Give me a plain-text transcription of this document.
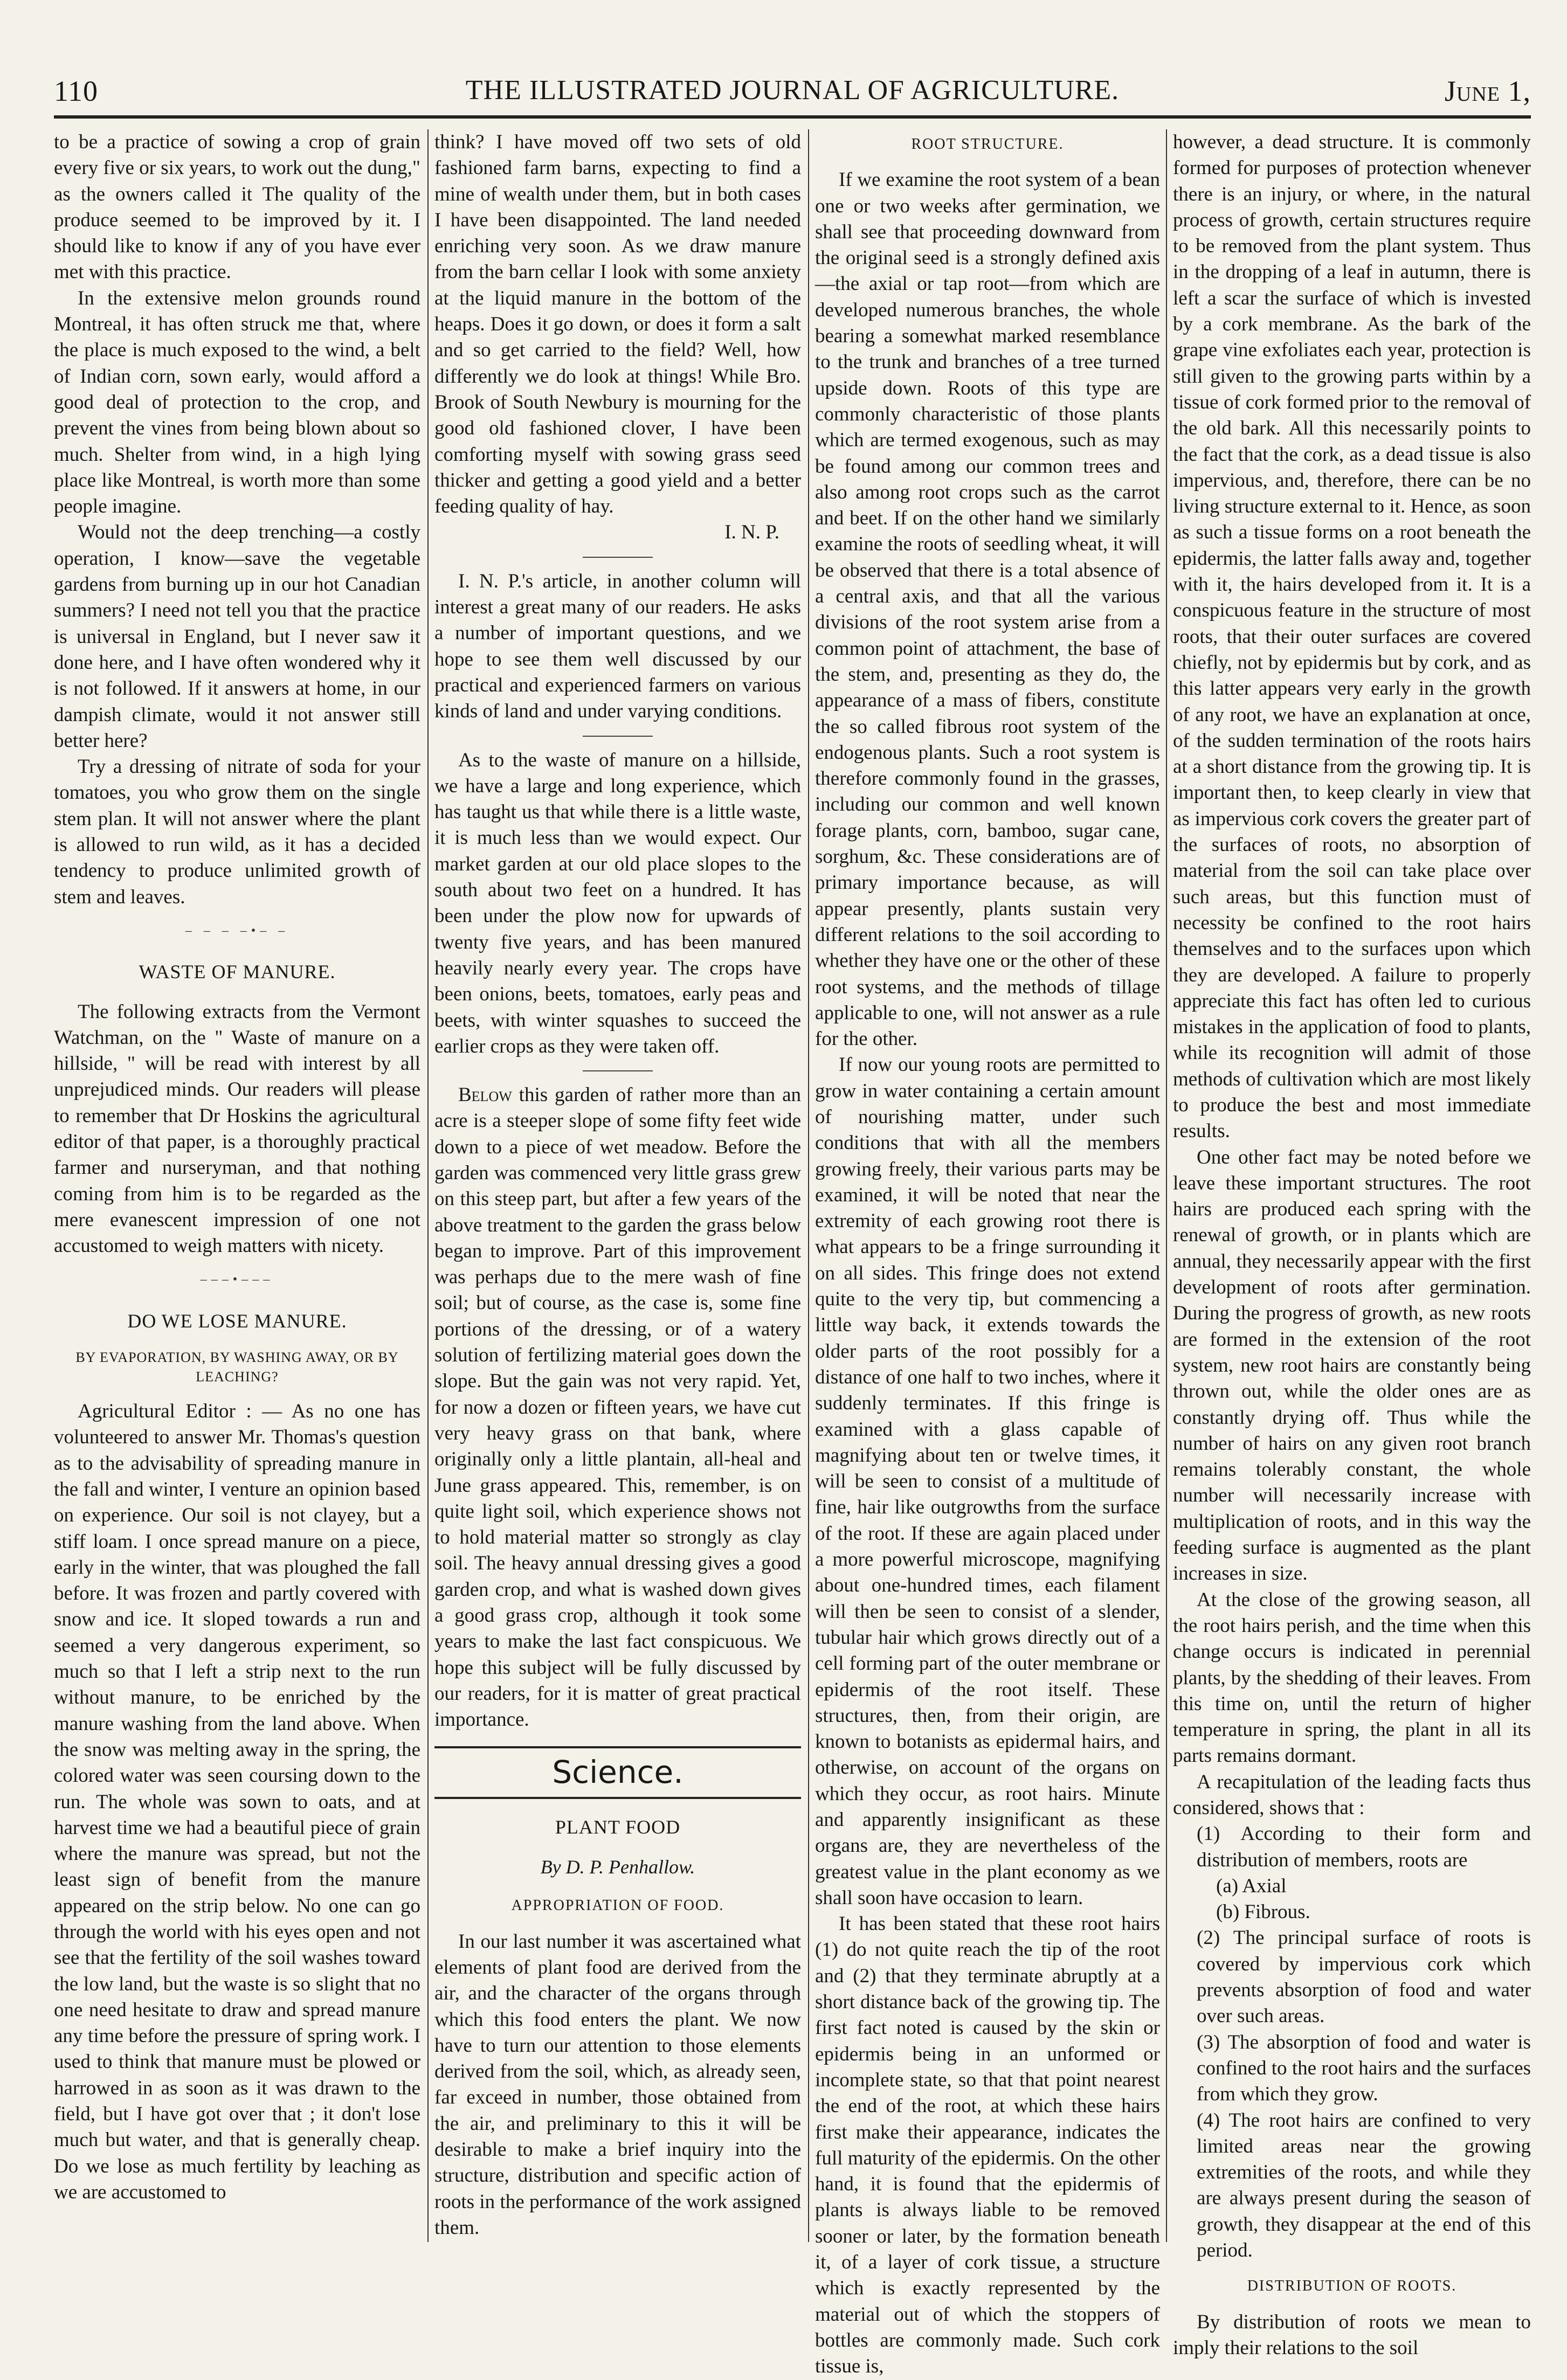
110	THE ILLUSTRATED JOURNAL OF AGRICULTURE.	June 1,

to be a practice of sowing a crop of grain every five or six years, to work out the dung," as the owners called it The quality of the produce seemed to be improved by it. I should like to know if any of you have ever met with this practice.

In the extensive melon grounds round Montreal, it has often struck me that, where the place is much exposed to the wind, a belt of Indian corn, sown early, would afford a good deal of protection to the crop, and prevent the vines from being blown about so much. Shelter from wind, in a high lying place like Montreal, is worth more than some people imagine.

Would not the deep trenching—a costly operation, I know—save the vegetable gardens from burning up in our hot Canadian summers? I need not tell you that the practice is universal in England, but I never saw it done here, and I have often wondered why it is not followed. If it answers at home, in our dampish climate, would it not answer still better here?

Try a dressing of nitrate of soda for your tomatoes, you who grow them on the single stem plan. It will not answer where the plant is allowed to run wild, as it has a decided tendency to produce unlimited growth of stem and leaves.

– – – –•– –
WASTE OF MANURE.

The following extracts from the Vermont Watchman, on the " Waste of manure on a hillside, " will be read with interest by all unprejudiced minds. Our readers will please to remember that Dr Hoskins the agricultural editor of that paper, is a thoroughly practical farmer and nurseryman, and that nothing coming from him is to be regarded as the mere evanescent impression of one not accustomed to weigh matters with nicety.

–––•–––
DO WE LOSE MANURE.
BY EVAPORATION, BY WASHING AWAY, OR BY LEACHING?

Agricultural Editor : — As no one has volunteered to answer Mr. Thomas's question as to the advisability of spreading manure in the fall and winter, I venture an opinion based on experience. Our soil is not clayey, but a stiff loam. I once spread manure on a piece, early in the winter, that was ploughed the fall before. It was frozen and partly covered with snow and ice. It sloped towards a run and seemed a very dangerous experiment, so much so that I left a strip next to the run without manure, to be enriched by the manure washing from the land above. When the snow was melting away in the spring, the colored water was seen coursing down to the run. The whole was sown to oats, and at harvest time we had a beautiful piece of grain where the manure was spread, but not the least sign of benefit from the manure appeared on the strip below. No one can go through the world with his eyes open and not see that the fertility of the soil washes toward the low land, but the waste is so slight that no one need hesitate to draw and spread manure any time before the pressure of spring work. I used to think that manure must be plowed or harrowed in as soon as it was drawn to the field, but I have got over that ; it don't lose much but water, and that is generally cheap. Do we lose as much fertility by leaching as we are accustomed to

think? I have moved off two sets of old fashioned farm barns, expecting to find a mine of wealth under them, but in both cases I have been disappointed. The land needed enriching very soon. As we draw manure from the barn cellar I look with some anxiety at the liquid manure in the bottom of the heaps. Does it go down, or does it form a salt and so get carried to the field? Well, how differently we do look at things! While Bro. Brook of South Newbury is mourning for the good old fashioned clover, I have been comforting myself with sowing grass seed thicker and getting a good yield and a better feeding quality of hay.

I. N. P.

I. N. P.'s article, in another column will interest a great many of our readers. He asks a number of important questions, and we hope to see them well discussed by our practical and experienced farmers on various kinds of land and under varying conditions.

As to the waste of manure on a hillside, we have a large and long experience, which has taught us that while there is a little waste, it is much less than we would expect. Our market garden at our old place slopes to the south about two feet on a hundred. It has been under the plow now for upwards of twenty five years, and has been manured heavily nearly every year. The crops have been onions, beets, tomatoes, early peas and beets, with winter squashes to succeed the earlier crops as they were taken off.

Below this garden of rather more than an acre is a steeper slope of some fifty feet wide down to a piece of wet meadow. Before the garden was commenced very little grass grew on this steep part, but after a few years of the above treatment to the garden the grass below began to improve. Part of this improvement was perhaps due to the mere wash of fine soil; but of course, as the case is, some fine portions of the dressing, or of a watery solution of fertilizing material goes down the slope. But the gain was not very rapid. Yet, for now a dozen or fifteen years, we have cut very heavy grass on that bank, where originally only a little plantain, all-heal and June grass appeared. This, remember, is on quite light soil, which experience shows not to hold material matter so strongly as clay soil. The heavy annual dressing gives a good garden crop, and what is washed down gives a good grass crop, although it took some years to make the last fact conspicuous. We hope this subject will be fully discussed by our readers, for it is matter of great practical importance.

Science.
PLANT FOOD
By D. P. Penhallow.
APPROPRIATION OF FOOD.

In our last number it was ascertained what elements of plant food are derived from the air, and the character of the organs through which this food enters the plant. We now have to turn our attention to those elements derived from the soil, which, as already seen, far exceed in number, those obtained from the air, and preliminary to this it will be desirable to make a brief inquiry into the structure, distribution and specific action of roots in the performance of the work assigned them.

ROOT STRUCTURE.

If we examine the root system of a bean one or two weeks after germination, we shall see that proceeding downward from the original seed is a strongly defined axis—the axial or tap root—from which are developed numerous branches, the whole bearing a somewhat marked resemblance to the trunk and branches of a tree turned upside down. Roots of this type are commonly characteristic of those plants which are termed exogenous, such as may be found among our common trees and also among root crops such as the carrot and beet. If on the other hand we similarly examine the roots of seedling wheat, it will be observed that there is a total absence of a central axis, and that all the various divisions of the root system arise from a common point of attachment, the base of the stem, and, presenting as they do, the appearance of a mass of fibers, constitute the so called fibrous root system of the endogenous plants. Such a root system is therefore commonly found in the grasses, including our common and well known forage plants, corn, bamboo, sugar cane, sorghum, &c. These considerations are of primary importance because, as will appear presently, plants sustain very different relations to the soil according to whether they have one or the other of these root systems, and the methods of tillage applicable to one, will not answer as a rule for the other.

If now our young roots are permitted to grow in water containing a certain amount of nourishing matter, under such conditions that with all the members growing freely, their various parts may be examined, it will be noted that near the extremity of each growing root there is what appears to be a fringe surrounding it on all sides. This fringe does not extend quite to the very tip, but commencing a little way back, it extends towards the older parts of the root possibly for a distance of one half to two inches, where it suddenly terminates. If this fringe is examined with a glass capable of magnifying about ten or twelve times, it will be seen to consist of a multitude of fine, hair like outgrowths from the surface of the root. If these are again placed under a more powerful microscope, magnifying about one-hundred times, each filament will then be seen to consist of a slender, tubular hair which grows directly out of a cell forming part of the outer membrane or epidermis of the root itself. These structures, then, from their origin, are known to botanists as epidermal hairs, and otherwise, on account of the organs on which they occur, as root hairs. Minute and apparently insignificant as these organs are, they are nevertheless of the greatest value in the plant economy as we shall soon have occasion to learn.

It has been stated that these root hairs (1) do not quite reach the tip of the root and (2) that they terminate abruptly at a short distance back of the growing tip. The first fact noted is caused by the skin or epidermis being in an unformed or incomplete state, so that that point nearest the end of the root, at which these hairs first make their appearance, indicates the full maturity of the epidermis. On the other hand, it is found that the epidermis of plants is always liable to be removed sooner or later, by the formation beneath it, of a layer of cork tissue, a structure which is exactly represented by the material out of which the stoppers of bottles are commonly made. Such cork tissue is,

however, a dead structure. It is commonly formed for purposes of protection whenever there is an injury, or where, in the natural process of growth, certain structures require to be removed from the plant system. Thus in the dropping of a leaf in autumn, there is left a scar the surface of which is invested by a cork membrane. As the bark of the grape vine exfoliates each year, protection is still given to the growing parts within by a tissue of cork formed prior to the removal of the old bark. All this necessarily points to the fact that the cork, as a dead tissue is also impervious, and, therefore, there can be no living structure external to it. Hence, as soon as such a tissue forms on a root beneath the epidermis, the latter falls away and, together with it, the hairs developed from it. It is a conspicuous feature in the structure of most roots, that their outer surfaces are covered chiefly, not by epidermis but by cork, and as this latter appears very early in the growth of any root, we have an explanation at once, of the sudden termination of the roots hairs at a short distance from the growing tip. It is important then, to keep clearly in view that as impervious cork covers the greater part of the surfaces of roots, no absorption of material from the soil can take place over such areas, but this function must of necessity be confined to the root hairs themselves and to the surfaces upon which they are developed. A failure to properly appreciate this fact has often led to curious mistakes in the application of food to plants, while its recognition will admit of those methods of cultivation which are most likely to produce the best and most immediate results.

One other fact may be noted before we leave these important structures. The root hairs are produced each spring with the renewal of growth, or in plants which are annual, they necessarily appear with the first development of roots after germination. During the progress of growth, as new roots are formed in the extension of the root system, new root hairs are constantly being thrown out, while the older ones are as constantly drying off. Thus while the number of hairs on any given root branch remains tolerably constant, the whole number will necessarily increase with multiplication of roots, and in this way the feeding surface is augmented as the plant increases in size.

At the close of the growing season, all the root hairs perish, and the time when this change occurs is indicated in perennial plants, by the shedding of their leaves. From this time on, until the return of higher temperature in spring, the plant in all its parts remains dormant.

A recapitulation of the leading facts thus considered, shows that :

(1) According to their form and distribution of members, roots are

(a) Axial

(b) Fibrous.

(2) The principal surface of roots is covered by impervious cork which prevents absorption of food and water over such areas.

(3) The absorption of food and water is confined to the root hairs and the surfaces from which they grow.

(4) The root hairs are confined to very limited areas near the growing extremities of the roots, and while they are always present during the season of growth, they disappear at the end of this period.

DISTRIBUTION OF ROOTS.

By distribution of roots we mean to imply their relations to the soil
